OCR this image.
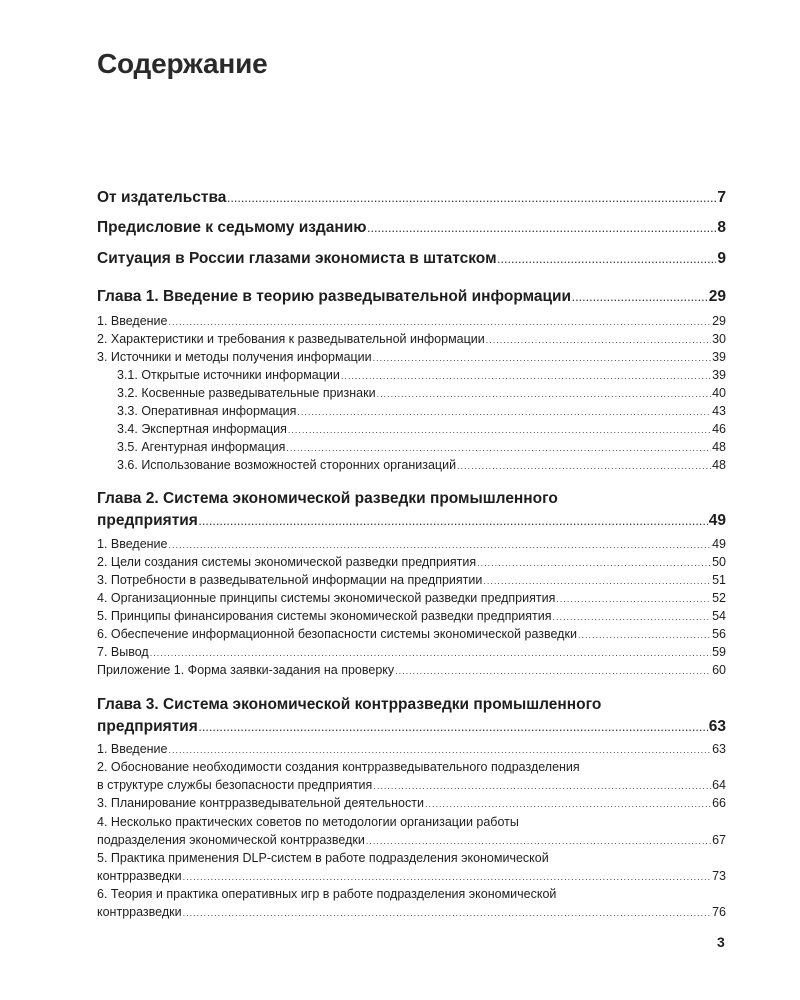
Содержание
От издательства .....	7
Предисловие к седьмому изданию .....	8
Ситуация в России глазами экономиста в штатском .....	9
Глава 1. Введение в теорию разведывательной информации .....	29
1. Введение .....	29
2. Характеристики и требования к разведывательной информации .....	30
3. Источники и методы получения информации .....	39
3.1. Открытые источники информации .....	39
3.2. Косвенные разведывательные признаки .....	40
3.3. Оперативная информация .....	43
3.4. Экспертная информация .....	46
3.5. Агентурная информация .....	48
3.6. Использование возможностей сторонних организаций .....	48
Глава 2. Система экономической разведки промышленного
предприятия .....	49
1. Введение .....	49
2. Цели создания системы экономической разведки предприятия .....	50
3. Потребности в разведывательной информации на предприятии .....	51
4. Организационные принципы системы экономической разведки предприятия .....	52
5. Принципы финансирования системы экономической разведки предприятия .....	54
6. Обеспечение информационной безопасности системы экономической разведки .....	56
7. Вывод .....	59
Приложение 1. Форма заявки-задания на проверку .....	60
Глава 3. Система экономической контрразведки промышленного
предприятия .....	63
1. Введение .....	63
2. Обоснование необходимости создания контрразведывательного подразделения
в структуре службы безопасности предприятия .....	64
3. Планирование контрразведывательной деятельности .....	66
4. Несколько практических советов по методологии организации работы
подразделения экономической контрразведки .....	67
5. Практика применения DLP-систем в работе подразделения экономической
контрразведки .....	73
6. Теория и практика оперативных игр в работе подразделения экономической
контрразведки .....	76
3
